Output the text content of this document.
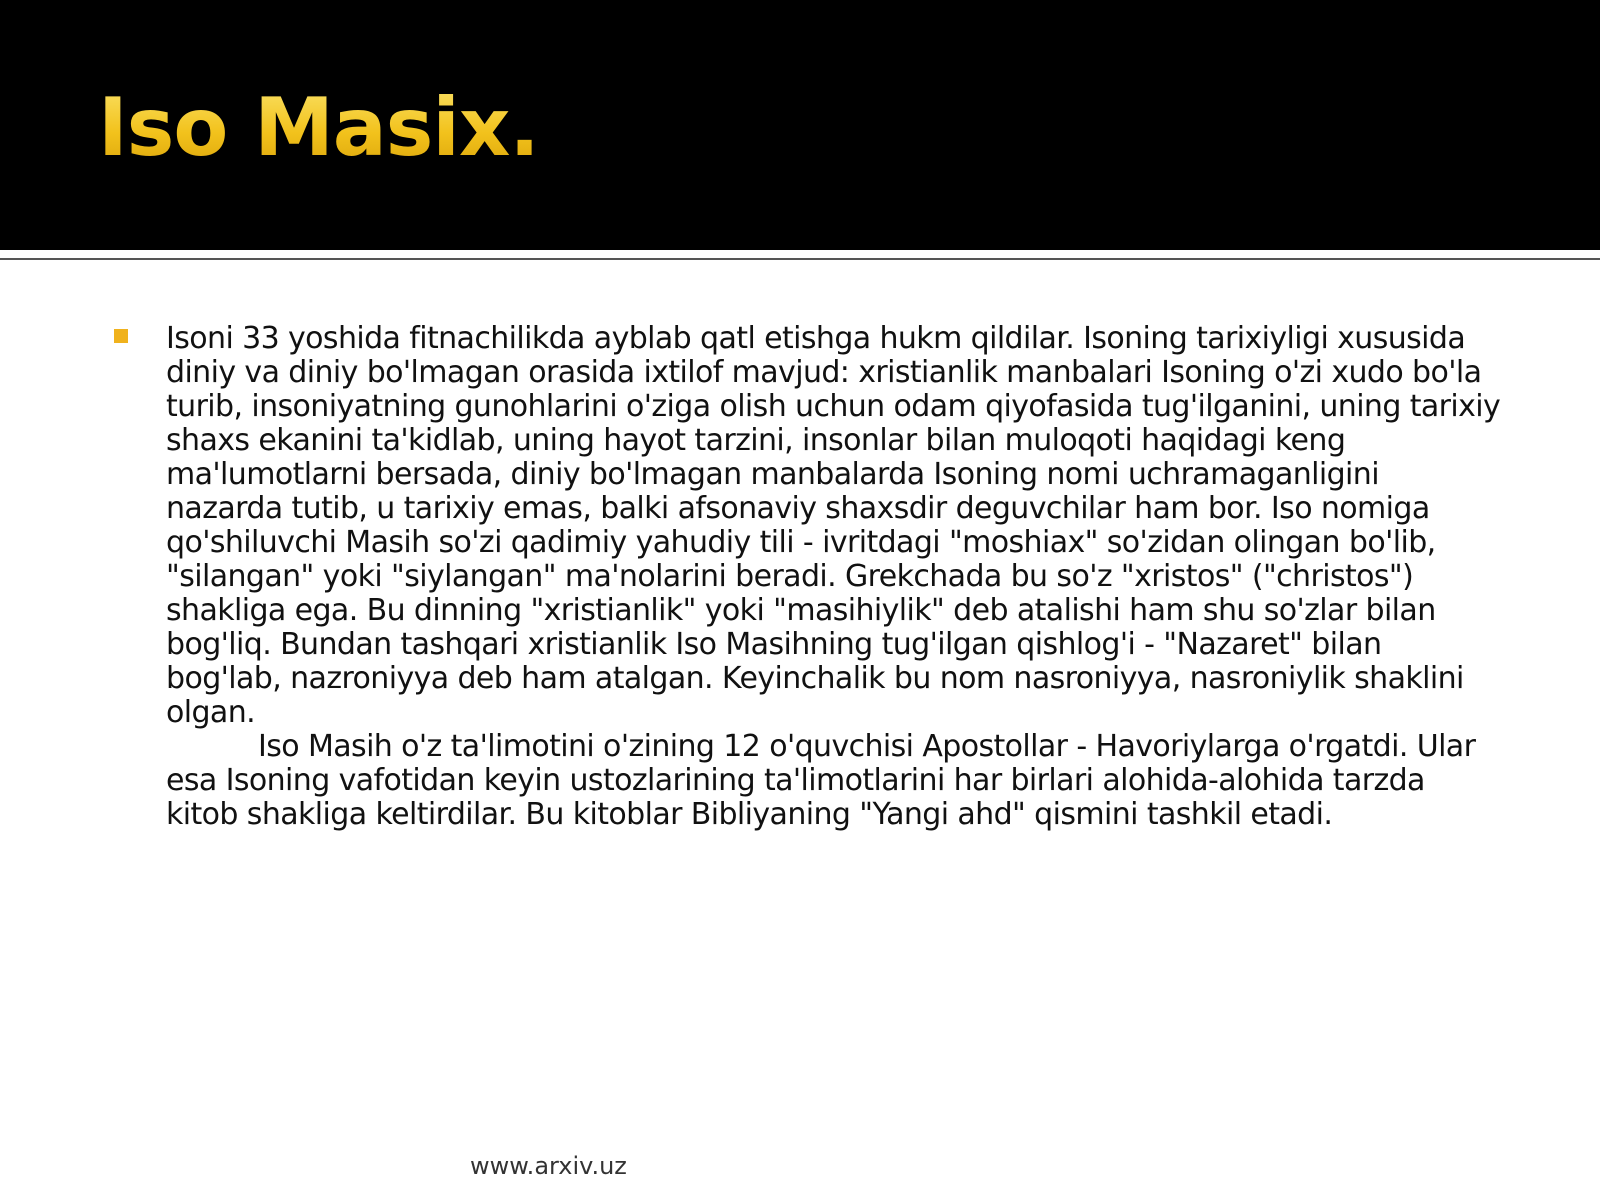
Iso Masix.

Isoni 33 yoshida fitnachilikda ayblab qatl etishga hukm qildilar. Isoning tarixiyligi xususida diniy va diniy bo'lmagan orasida ixtilof mavjud: xristianlik manbalari Isoning o'zi xudo bo'la turib, insoniyatning gunohlarini o'ziga olish uchun odam qiyofasida tug'ilganini, uning tarixiy shaxs ekanini ta'kidlab, uning hayot tarzini, insonlar bilan muloqoti haqidagi keng ma'lumotlarni bersada, diniy bo'lmagan manbalarda Isoning nomi uchramaganligini nazarda tutib, u tarixiy emas, balki afsonaviy shaxsdir deguvchilar ham bor. Iso nomiga qo'shiluvchi Masih so'zi qadimiy yahudiy tili - ivritdagi "moshiax" so'zidan olingan bo'lib, "silangan" yoki "siylangan" ma'nolarini beradi. Grekchada bu so'z "xristos" ("christos") shakliga ega. Bu dinning "xristianlik" yoki "masihiylik" deb atalishi ham shu so'zlar bilan bog'liq. Bundan tashqari xristianlik Iso Masihning tug'ilgan qishlog'i - "Nazaret" bilan bog'lab, nazroniyya deb ham atalgan. Keyinchalik bu nom nasroniyya, nasroniylik shaklini olgan.

Iso Masih o'z ta'limotini o'zining 12 o'quvchisi Apostollar - Havoriylarga o'rgatdi. Ular esa Isoning vafotidan keyin ustozlarining ta'limotlarini har birlari alohida-alohida tarzda kitob shakliga keltirdilar. Bu kitoblar Bibliyaning "Yangi ahd" qismini tashkil etadi.

www.arxiv.uz
